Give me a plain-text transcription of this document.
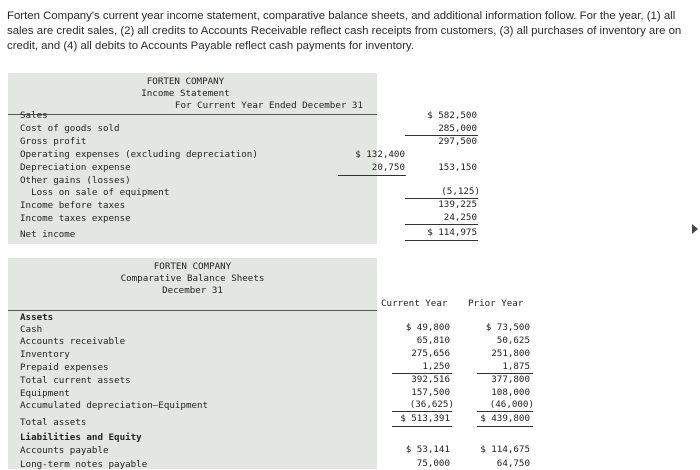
Forten Company's current year income statement, comparative balance sheets, and additional information follow. For the year, (1) all sales are credit sales, (2) all credits to Accounts Receivable reflect cash receipts from customers, (3) all purchases of inventory are on credit, and (4) all debits to Accounts Payable reflect cash payments for inventory.
FORTEN COMPANY
Income Statement
For Current Year Ended December 31
Sales
Cost of goods sold
Gross profit
Operating expenses (excluding depreciation)
Depreciation expense
Other gains (losses)
Loss on sale of equipment
Income before taxes
Income taxes expense
Net income
$ 132,400
20,750
$ 582,500
285,000
297,500
153,150
(5,125)
139,225
24,250
$ 114,975
FORTEN COMPANY
Comparative Balance Sheets
December 31
Assets
Cash
Accounts receivable
Inventory
Prepaid expenses
Total current assets
Equipment
Accumulated depreciation—Equipment
Total assets
Liabilities and Equity
Accounts payable
Long-term notes payable
Current Year Prior Year
$ 49,800
65,810
275,656
1,250
392,516
157,500
(36,625)
$ 513,391
$ 53,141
75,000
$ 73,500
50,625
251,800
1,875
377,800
108,000
(46,000)
$ 439,800
$ 114,675
64,750
